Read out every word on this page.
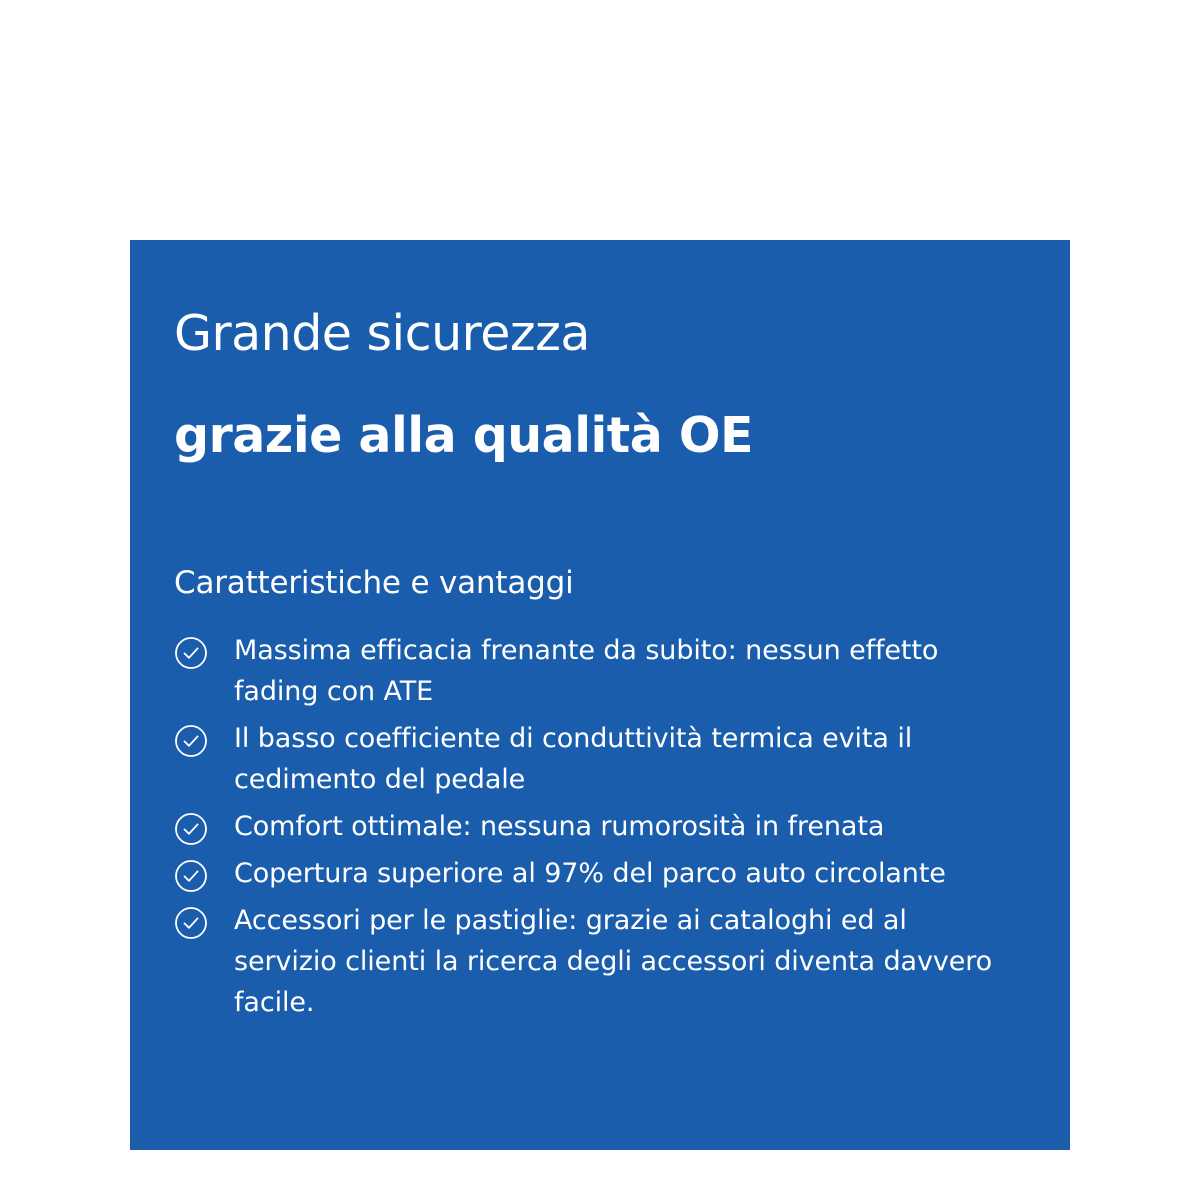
Grande sicurezza
grazie alla qualità OE
Caratteristiche e vantaggi
Massima efficacia frenante da subito: nessun effetto fading con ATE
Il basso coefficiente di conduttività termica evita il cedimento del pedale
Comfort ottimale: nessuna rumorosità in frenata
Copertura superiore al 97% del parco auto circolante
Accessori per le pastiglie: grazie ai cataloghi ed al servizio clienti la ricerca degli accessori diventa davvero facile.
